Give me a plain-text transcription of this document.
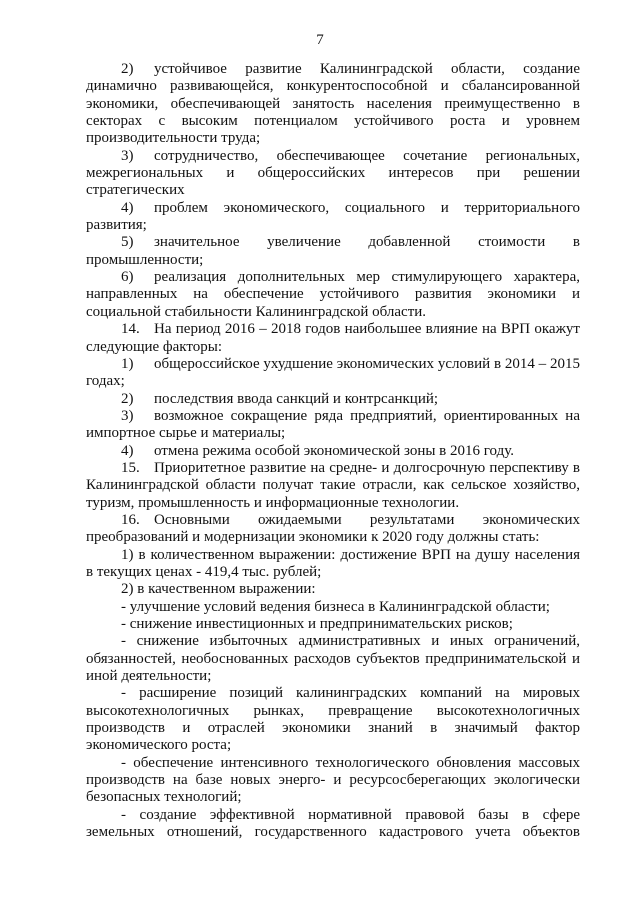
7

2) устойчивое развитие Калининградской области, создание динамично развивающейся, конкурентоспособной и сбалансированной экономики, обеспечивающей занятость населения преимущественно в секторах с высоким потенциалом устойчивого роста и уровнем производительности труда;

3) сотрудничество, обеспечивающее сочетание региональных, межрегиональных и общероссийских интересов при решении стратегических

4) проблем экономического, социального и территориального развития;

5) значительное увеличение добавленной стоимости в промышленности;

6) реализация дополнительных мер стимулирующего характера, направленных на обеспечение устойчивого развития экономики и социальной стабильности Калининградской области.

14. На период 2016 – 2018 годов наибольшее влияние на ВРП окажут следующие факторы:

1) общероссийское ухудшение экономических условий в 2014 – 2015 годах;

2) последствия ввода санкций и контрсанкций;

3) возможное сокращение ряда предприятий, ориентированных на импортное сырье и материалы;

4) отмена режима особой экономической зоны в 2016 году.

15. Приоритетное развитие на средне- и долгосрочную перспективу в Калининградской области получат такие отрасли, как сельское хозяйство, туризм, промышленность и информационные технологии.

16. Основными ожидаемыми результатами экономических преобразований и модернизации экономики к 2020 году должны стать:

1) в количественном выражении: достижение ВРП на душу населения в текущих ценах - 419,4 тыс. рублей;

2) в качественном выражении:

- улучшение условий ведения бизнеса в Калининградской области;

- снижение инвестиционных и предпринимательских рисков;

- снижение избыточных административных и иных ограничений, обязанностей, необоснованных расходов субъектов предпринимательской и иной деятельности;

- расширение позиций калининградских компаний на мировых высокотехнологичных рынках, превращение высокотехнологичных производств и отраслей экономики знаний в значимый фактор экономического роста;

- обеспечение интенсивного технологического обновления массовых производств на базе новых энерго- и ресурсосберегающих экологически безопасных технологий;

- создание эффективной нормативной правовой базы в сфере земельных отношений, государственного кадастрового учета объектов
